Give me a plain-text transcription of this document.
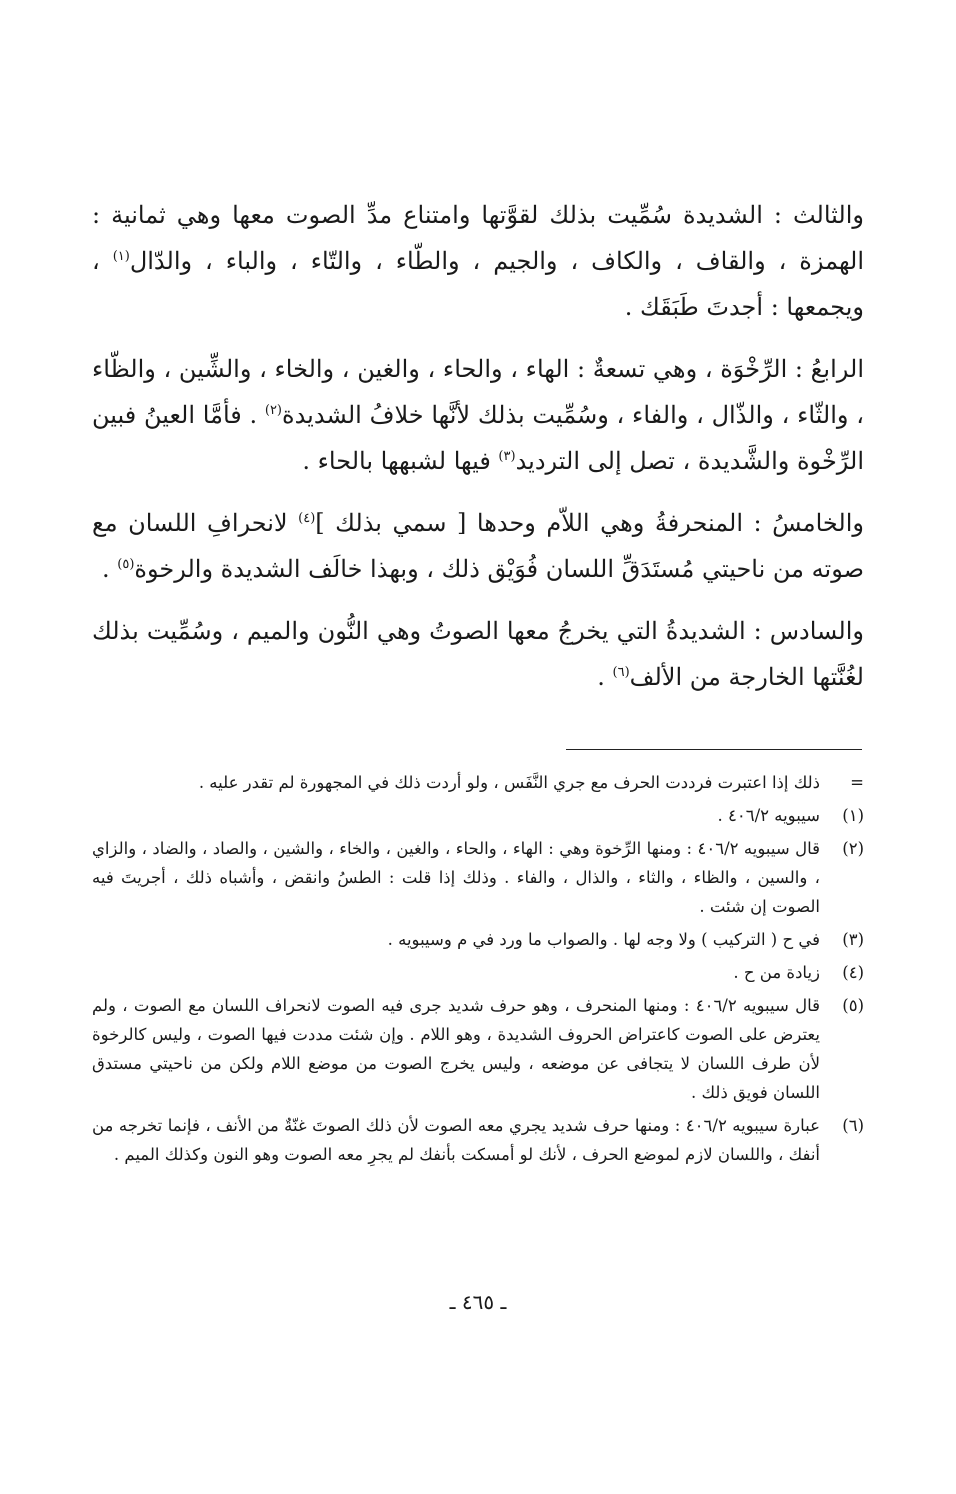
والثالث : الشديدة سُمِّيت بذلك لقوَّتها وامتناع مدِّ الصوت معها وهي ثمانية : الهمزة ، والقاف ، والكاف ، والجيم ، والطّاء ، والتّاء ، والباء ، والدّال$^{(١)}$ ، ويجمعها : أجدتَ طَبَقَك .

الرابعُ : الرِّخْوَة ، وهي تسعةٌ : الهاء ، والحاء ، والغين ، والخاء ، والشِّين ، والظّاء ، والثّاء ، والذّال ، والفاء ، وسُمِّيت بذلك لأنَّها خلافُ الشديدة$^{(٢)}$ . فأمَّا العينُ فبين الرِّخْوة والشَّديدة ، تصل إلى الترديد$^{(٣)}$ فيها لشبهها بالحاء .

والخامسُ : المنحرفةُ وهي اللاّم وحدها [ سمي بذلك ]$^{(٤)}$ لانحرافِ اللسان مع صوته من ناحيتي مُستَدَقِّ اللسان فُوَيْق ذلك ، وبهذا خالَف الشديدة والرخوة$^{(٥)}$ .

والسادس : الشديدةُ التي يخرجُ معها الصوتُ وهي النُّون والميم ، وسُمِّيت بذلك لغُنَّتها الخارجة من الألف$^{(٦)}$ .

=
ذلك إذا اعتبرت فرددت الحرف مع جري النَّفَس ، ولو أردت ذلك في المجهورة لم تقدر عليه .
(١)
سيبويه ٤٠٦/٢ .
(٢)
قال سيبويه ٤٠٦/٢ : ومنها الرِّخوة وهي : الهاء ، والحاء ، والغين ، والخاء ، والشين ، والصاد ، والضاد ، والزاي ، والسين ، والظاء ، والثاء ، والذال ، والفاء . وذلك إذا قلت : الطسُ وانقض ، وأشباه ذلك ، أجريتَ فيه الصوت إن شئت .
(٣)
في ح ( التركيب ) ولا وجه لها . والصواب ما ورد في م وسيبويه .
(٤)
زيادة من ح .
(٥)
قال سيبويه ٤٠٦/٢ : ومنها المنحرف ، وهو حرف شديد جرى فيه الصوت لانحراف اللسان مع الصوت ، ولم يعترض على الصوت كاعتراض الحروف الشديدة ، وهو اللام . وإن شئت مددت فيها الصوت ، وليس كالرخوة لأن طرف اللسان لا يتجافى عن موضعه ، وليس يخرج الصوت من موضع اللام ولكن من ناحيتي مستدق اللسان فويق ذلك .
(٦)
عبارة سيبويه ٤٠٦/٢ : ومنها حرف شديد يجري معه الصوت لأن ذلك الصوتَ غنّةٌ من الأنف ، فإنما تخرجه من أنفك ، واللسان لازم لموضع الحرف ، لأنك لو أمسكت بأنفك لم يجرِ معه الصوت وهو النون وكذلك الميم .
ـ ٤٦٥ ـ
